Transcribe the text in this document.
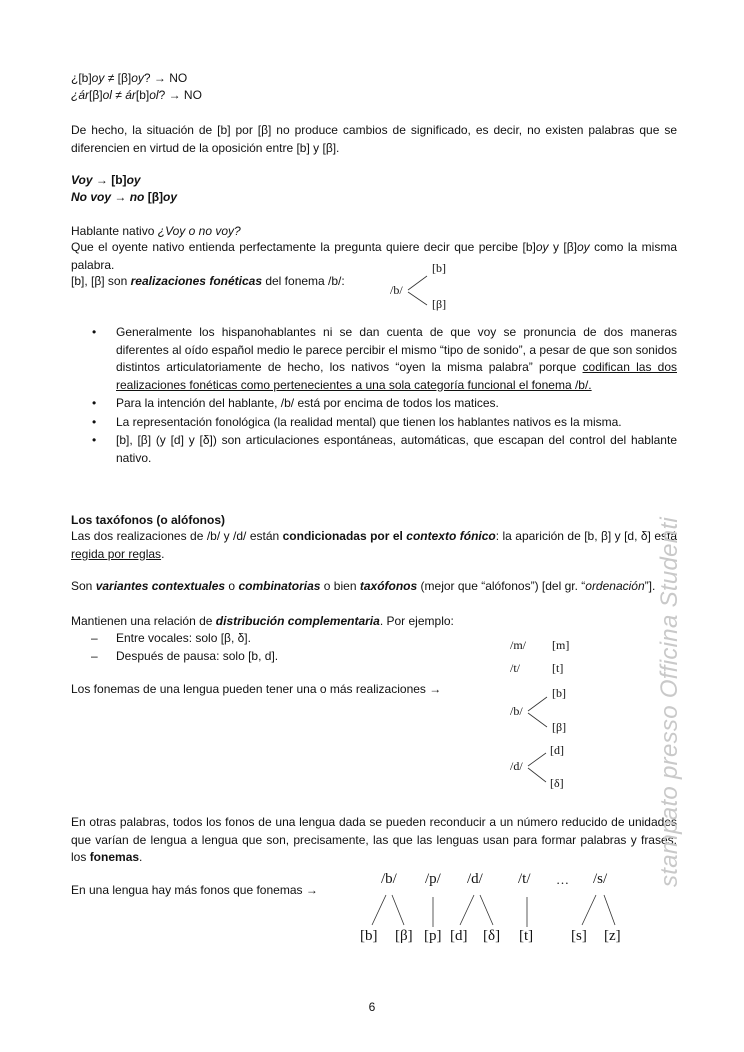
¿[b]oy ≠ [β]oy? → NO
¿ár[β]ol ≠ ár[b]ol? → NO
De hecho, la situación de [b] por [β] no produce cambios de significado, es decir, no existen palabras que se diferencien en virtud de la oposición entre [b] y [β].
Voy → [b]oy
No voy → no [β]oy
Hablante nativo ¿Voy o no voy?
Que el oyente nativo entienda perfectamente la pregunta quiere decir que percibe [b]oy y [β]oy como la misma palabra.
[b], [β] son realizaciones fonéticas del fonema /b/:
/b/
[b]
[β]
• Generalmente los hispanohablantes ni se dan cuenta de que voy se pronuncia de dos maneras diferentes al oído español medio le parece percibir el mismo “tipo de sonido”, a pesar de que son sonidos distintos articulatoriamente de hecho, los nativos “oyen la misma palabra” porque codifican las dos realizaciones fonéticas como pertenecientes a una sola categoría funcional el fonema /b/.
• Para la intención del hablante, /b/ está por encima de todos los matices.
• La representación fonológica (la realidad mental) que tienen los hablantes nativos es la misma.
• [b], [β] (y [d] y [δ]) son articulaciones espontáneas, automáticas, que escapan del control del hablante nativo.
Los taxófonos (o alófonos)
Las dos realizaciones de /b/ y /d/ están condicionadas por el contexto fónico: la aparición de [b, β] y [d, δ] está regida por reglas.
Son variantes contextuales o combinatorias o bien taxófonos (mejor que “alófonos”) [del gr. “ordenación”].
Mantienen una relación de distribución complementaria. Por ejemplo:
– Entre vocales: solo [β, δ].
– Después de pausa: solo [b, d].
Los fonemas de una lengua pueden tener una o más realizaciones →
/m/ [m]
/t/	[t]
/b/
[b]
[β]
/d/
[d]
[δ]
En otras palabras, todos los fonos de una lengua dada se pueden reconducir a un número reducido de unidades que varían de lengua a lengua que son, precisamente, las que las lenguas usan para formar palabras y frases: los fonemas.
En una lengua hay más fonos que fonemas →
/b/ /p/ /d/ /t/ … /s/
[b] [β] [p] [d] [δ] [t]	[s] [z]
stampato presso Officina Studenti
6
